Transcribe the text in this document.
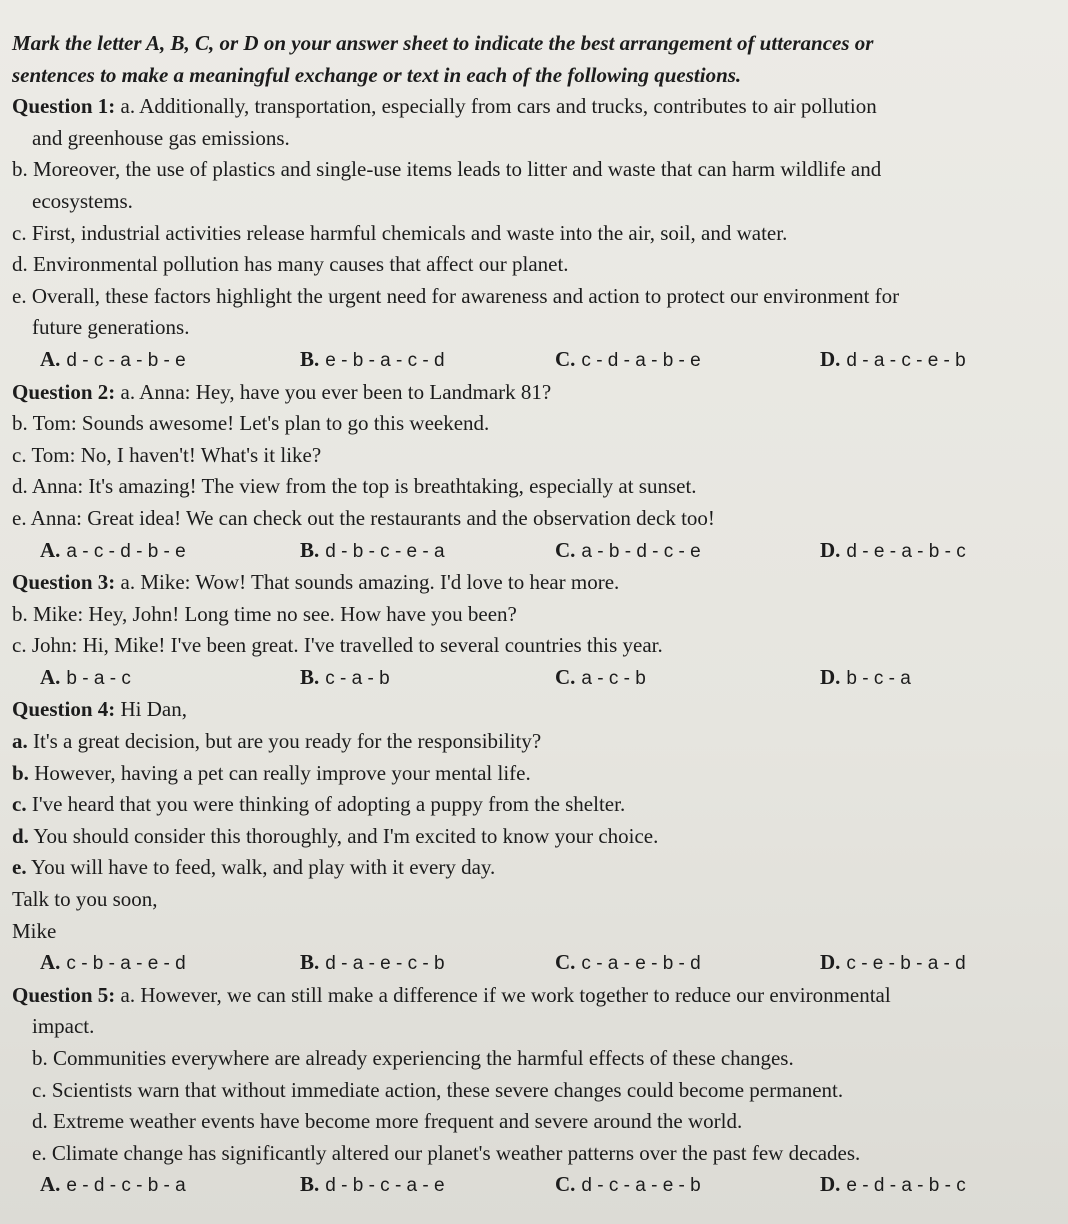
Mark the letter A, B, C, or D on your answer sheet to indicate the best arrangement of utterances or
sentences to make a meaningful exchange or text in each of the following questions.
Question 1: a. Additionally, transportation, especially from cars and trucks, contributes to air pollution
and greenhouse gas emissions.
b. Moreover, the use of plastics and single-use items leads to litter and waste that can harm wildlife and
ecosystems.
c. First, industrial activities release harmful chemicals and waste into the air, soil, and water.
d. Environmental pollution has many causes that affect our planet.
e. Overall, these factors highlight the urgent need for awareness and action to protect our environment for
future generations.
A. d - c - a - b - e	B. e - b - a - c - d	C. c - d - a - b - e	D. d - a - c - e - b
Question 2: a. Anna: Hey, have you ever been to Landmark 81?
b. Tom: Sounds awesome! Let's plan to go this weekend.
c. Tom: No, I haven't! What's it like?
d. Anna: It's amazing! The view from the top is breathtaking, especially at sunset.
e. Anna: Great idea! We can check out the restaurants and the observation deck too!
A. a - c - d - b - e	B. d - b - c - e - a	C. a - b - d - c - e	D. d - e - a - b - c
Question 3: a. Mike: Wow! That sounds amazing. I'd love to hear more.
b. Mike: Hey, John! Long time no see. How have you been?
c. John: Hi, Mike! I've been great. I've travelled to several countries this year.
A. b - a - c	B. c - a - b	C. a - c - b	D. b - c - a
Question 4: Hi Dan,
a. It's a great decision, but are you ready for the responsibility?
b. However, having a pet can really improve your mental life.
c. I've heard that you were thinking of adopting a puppy from the shelter.
d. You should consider this thoroughly, and I'm excited to know your choice.
e. You will have to feed, walk, and play with it every day.
Talk to you soon,
Mike
A. c - b - a - e - d	B. d - a - e - c - b	C. c - a - e - b - d	D. c - e - b - a - d
Question 5: a. However, we can still make a difference if we work together to reduce our environmental
impact.
b. Communities everywhere are already experiencing the harmful effects of these changes.
c. Scientists warn that without immediate action, these severe changes could become permanent.
d. Extreme weather events have become more frequent and severe around the world.
e. Climate change has significantly altered our planet's weather patterns over the past few decades.
A. e - d - c - b - a	B. d - b - c - a - e	C. d - c - a - e - b	D. e - d - a - b - c
